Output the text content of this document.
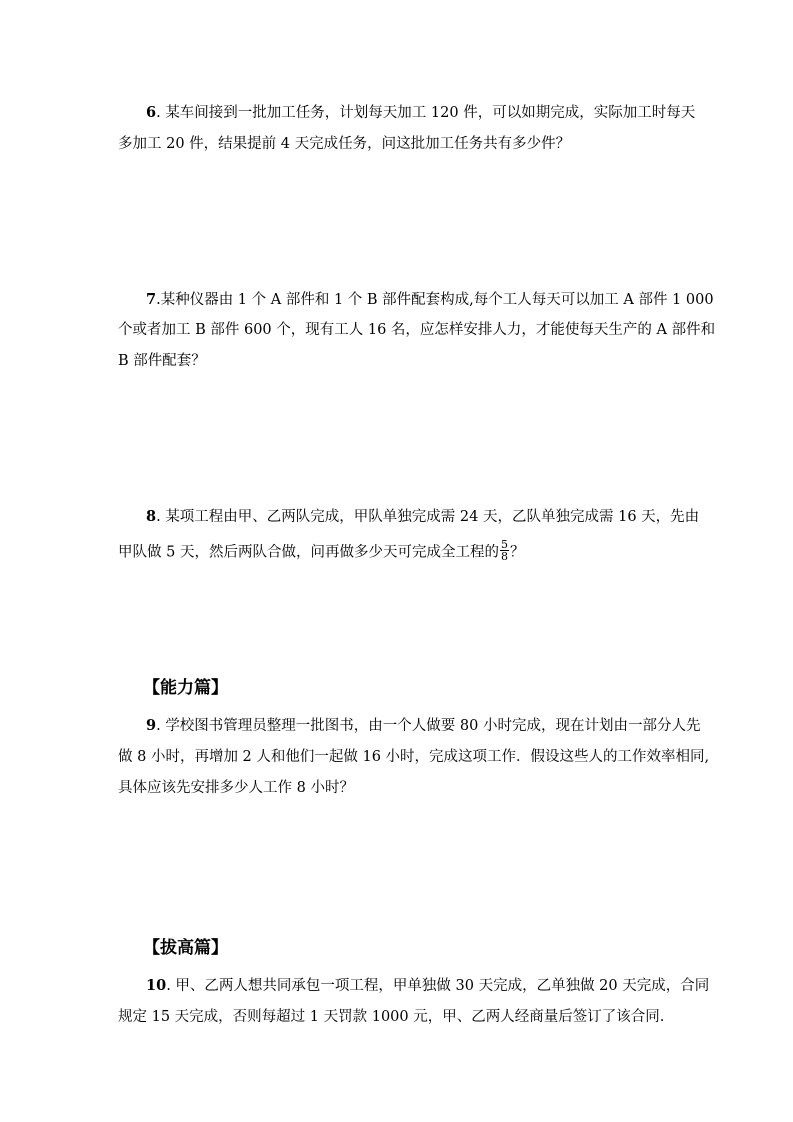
6. 某车间接到一批加工任务，计划每天加工 120 件，可以如期完成，实际加工时每天
多加工 20 件，结果提前 4 天完成任务，问这批加工任务共有多少件？
7.某种仪器由 1 个 A 部件和 1 个 B 部件配套构成,每个工人每天可以加工 A 部件 1 000
个或者加工 B 部件 600 个，现有工人 16 名，应怎样安排人力，才能使每天生产的 A 部件和
B 部件配套？
8. 某项工程由甲、乙两队完成，甲队单独完成需 24 天，乙队单独完成需 16 天，先由
甲队做 5 天，然后两队合做，问再做多少天可完成全工程的 $\frac{5}{8}$ ？
【能力篇】
9. 学校图书管理员整理一批图书，由一个人做要 80 小时完成，现在计划由一部分人先
做 8 小时，再增加 2 人和他们一起做 16 小时，完成这项工作．假设这些人的工作效率相同,
具体应该先安排多少人工作 8 小时？
【拔高篇】
10. 甲、乙两人想共同承包一项工程，甲单独做 30 天完成，乙单独做 20 天完成，合同
规定 15 天完成，否则每超过 1 天罚款 1000 元，甲、乙两人经商量后签订了该合同.
